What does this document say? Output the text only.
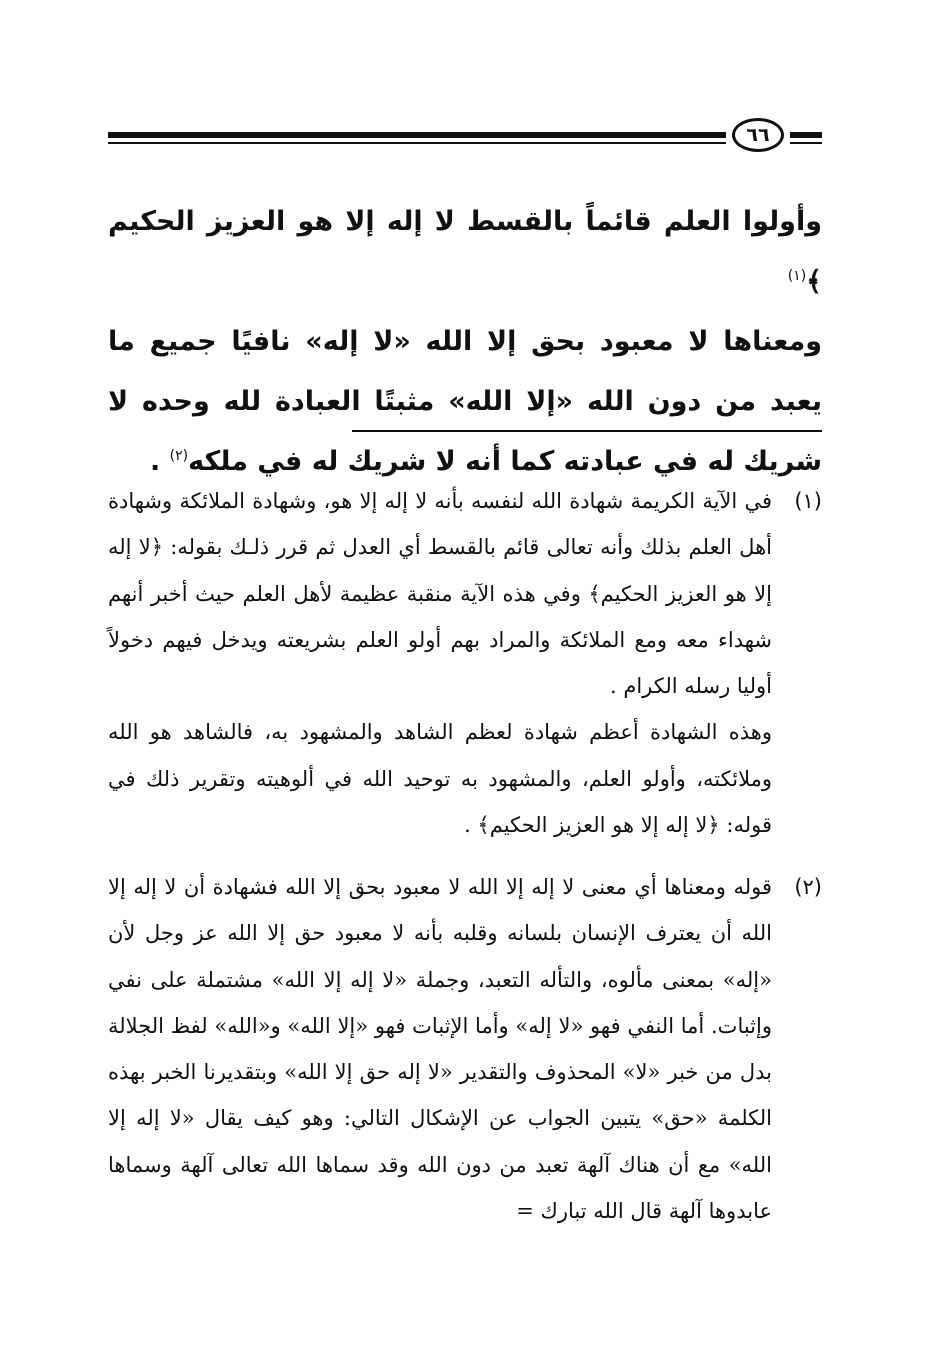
٦٦

وأولوا العلم قائماً بالقسط لا إله إلا هو العزيز الحكيم ﴾$^{(١)}$

ومعناها لا معبود بحق إلا الله «لا إله» نافيًا جميع ما يعبد من دون الله «إلا الله» مثبتًا العبادة لله وحده لا شريك له في عبادته كما أنه لا شريك له في ملكه$^{(٢)}$ .

(١)

في الآية الكريمة شهادة الله لنفسه بأنه لا إله إلا هو، وشهادة الملائكة وشهادة أهل العلم بذلك وأنه تعالى قائم بالقسط أي العدل ثم قرر ذلـك بقوله: ﴿لا إله إلا هو العزيز الحكيم﴾ وفي هذه الآية منقبة عظيمة لأهل العلم حيث أخبر أنهم شهداء معه ومع الملائكة والمراد بهم أولو العلم بشريعته ويدخل فيهم دخولاً أوليا رسله الكرام .

وهذه الشهادة أعظم شهادة لعظم الشاهد والمشهود به، فالشاهد هو الله وملائكته، وأولو العلم، والمشهود به توحيد الله في ألوهيته وتقرير ذلك في قوله: ﴿لا إله إلا هو العزيز الحكيم﴾ .

(٢)

قوله ومعناها أي معنى لا إله إلا الله لا معبود بحق إلا الله فشهادة أن لا إله إلا الله أن يعترف الإنسان بلسانه وقلبه بأنه لا معبود حق إلا الله عز وجل لأن «إله» بمعنى مألوه، والتأله التعبد، وجملة «لا إله إلا الله» مشتملة على نفي وإثبات. أما النفي فهو «لا إله» وأما الإثبات فهو «إلا الله» و«الله» لفظ الجلالة بدل من خبر «لا» المحذوف والتقدير «لا إله حق إلا الله» وبتقديرنا الخبر بهذه الكلمة «حق» يتبين الجواب عن الإشكال التالي: وهو كيف يقال «لا إله إلا الله» مع أن هناك آلهة تعبد من دون الله وقد سماها الله تعالى آلهة وسماها عابدوها آلهة قال الله تبارك =
